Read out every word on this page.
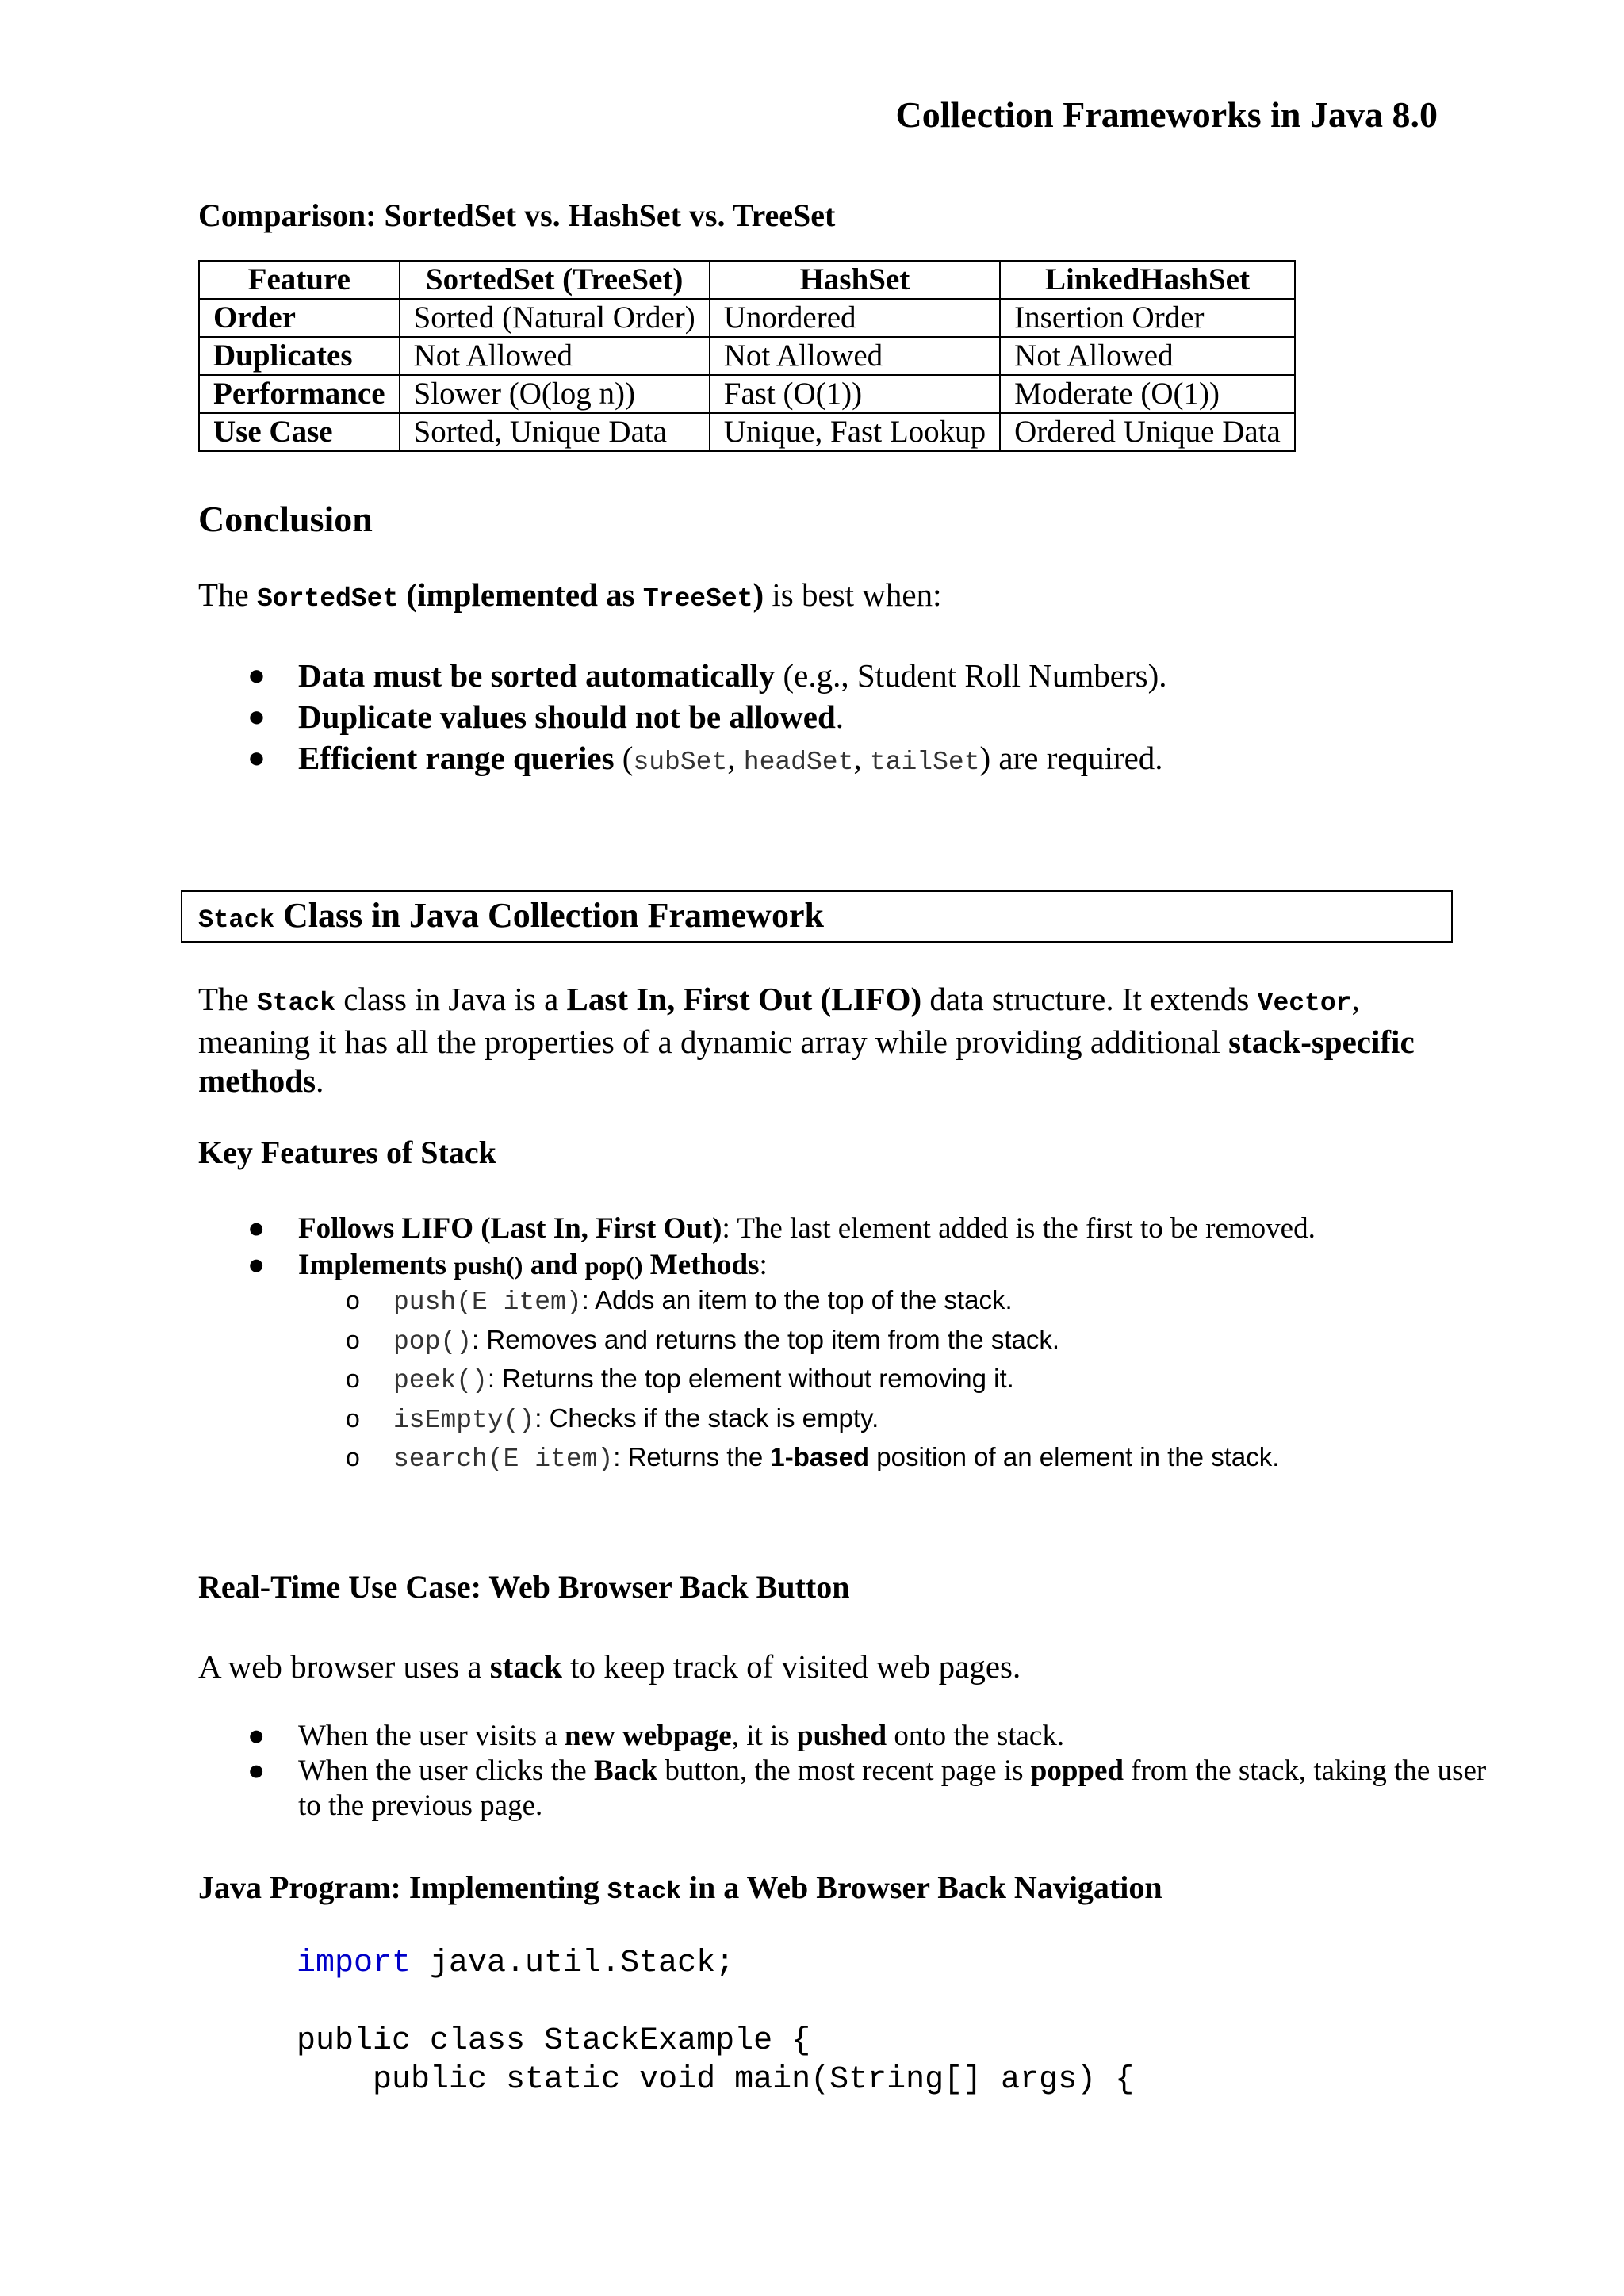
Collection Frameworks in Java 8.0
Comparison: SortedSet vs. HashSet vs. TreeSet
Feature	SortedSet (TreeSet)	HashSet	LinkedHashSet
Order	Sorted (Natural Order)	Unordered	Insertion Order
Duplicates	Not Allowed	Not Allowed	Not Allowed
Performance	Slower (O(log n))	Fast (O(1))	Moderate (O(1))
Use Case	Sorted, Unique Data	Unique, Fast Lookup	Ordered Unique Data
Conclusion

The SortedSet (implemented as TreeSet) is best when:

● Data must be sorted automatically (e.g., Student Roll Numbers).
● Duplicate values should not be allowed.
● Efficient range queries (subSet, headSet, tailSet) are required.
Stack Class in Java Collection Framework

The Stack class in Java is a Last In, First Out (LIFO) data structure. It extends Vector, meaning it has all the properties of a dynamic array while providing additional stack-specific methods.

Key Features of Stack
● Follows LIFO (Last In, First Out): The last element added is the first to be removed.
● Implements push() and pop() Methods:
o push(E item): Adds an item to the top of the stack.
o pop(): Removes and returns the top item from the stack.
o peek(): Returns the top element without removing it.
o isEmpty(): Checks if the stack is empty.
o search(E item): Returns the 1-based position of an element in the stack.
Real-Time Use Case: Web Browser Back Button

A web browser uses a stack to keep track of visited web pages.

● When the user visits a new webpage, it is pushed onto the stack.
● When the user clicks the Back button, the most recent page is popped from the stack, taking the user to the previous page.
Java Program: Implementing Stack in a Web Browser Back Navigation
import java.util.Stack;

public class StackExample {
public static void main(String[] args) {
